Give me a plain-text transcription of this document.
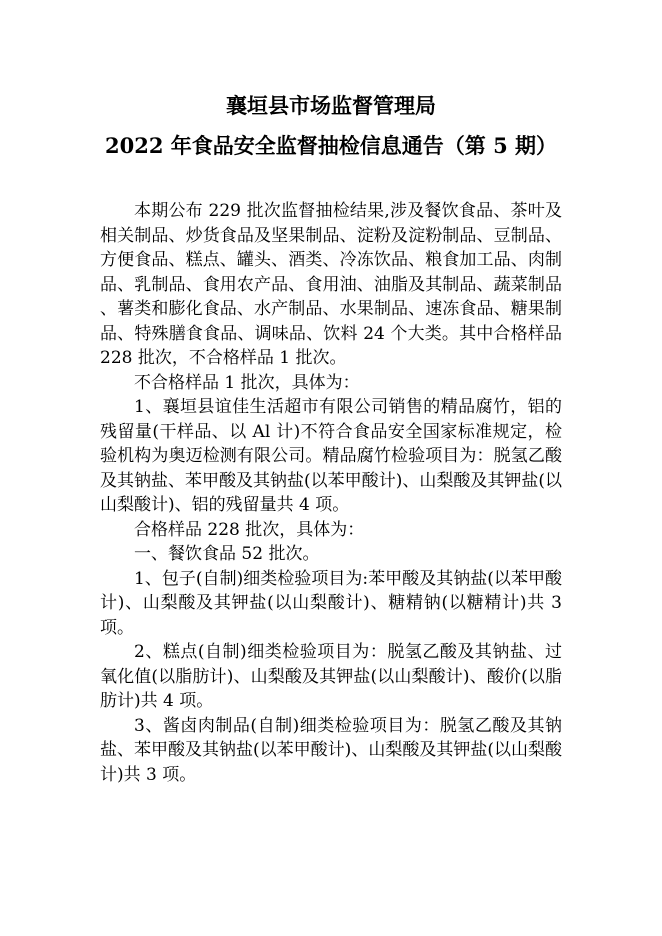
襄垣县市场监督管理局
2022 年食品安全监督抽检信息通告（第 5 期）

本期公布 229 批次监督抽检结果,涉及餐饮食品、茶叶及相关制品、炒货食品及坚果制品、淀粉及淀粉制品、豆制品、方便食品、糕点、罐头、酒类、冷冻饮品、粮食加工品、肉制品、乳制品、食用农产品、食用油、油脂及其制品、蔬菜制品、薯类和膨化食品、水产制品、水果制品、速冻食品、糖果制品、特殊膳食食品、调味品、饮料 24 个大类。其中合格样品 228 批次，不合格样品 1 批次。

不合格样品 1 批次，具体为：

1、襄垣县谊佳生活超市有限公司销售的精品腐竹，铝的残留量(干样品、以 Al 计)不符合食品安全国家标准规定，检验机构为奥迈检测有限公司。精品腐竹检验项目为：脱氢乙酸及其钠盐、苯甲酸及其钠盐(以苯甲酸计)、山梨酸及其钾盐(以山梨酸计)、铝的残留量共 4 项。

合格样品 228 批次，具体为：

一、餐饮食品 52 批次。

1、包子(自制)细类检验项目为:苯甲酸及其钠盐(以苯甲酸计)、山梨酸及其钾盐(以山梨酸计)、糖精钠(以糖精计)共 3 项。

2、糕点(自制)细类检验项目为：脱氢乙酸及其钠盐、过氧化值(以脂肪计)、山梨酸及其钾盐(以山梨酸计)、酸价(以脂肪计)共 4 项。

3、酱卤肉制品(自制)细类检验项目为：脱氢乙酸及其钠盐、苯甲酸及其钠盐(以苯甲酸计)、山梨酸及其钾盐(以山梨酸计)共 3 项。
